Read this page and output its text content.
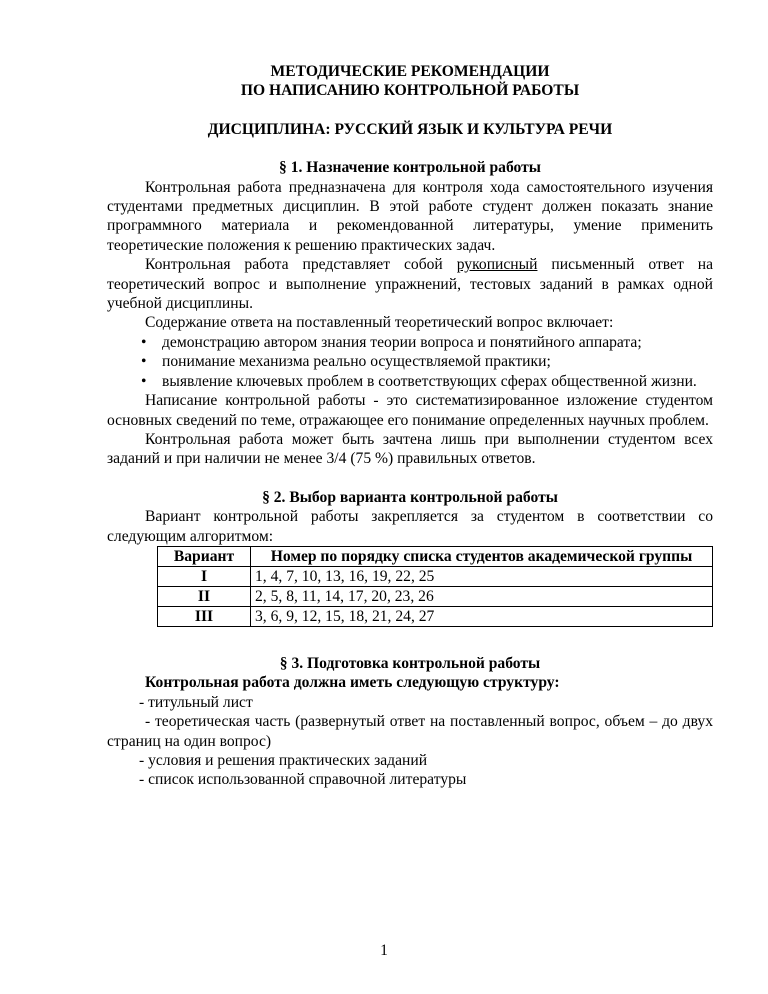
МЕТОДИЧЕСКИЕ РЕКОМЕНДАЦИИ
ПО НАПИСАНИЮ КОНТРОЛЬНОЙ РАБОТЫ
ДИСЦИПЛИНА: РУССКИЙ ЯЗЫК И КУЛЬТУРА РЕЧИ
§ 1. Назначение контрольной работы

Контрольная работа предназначена для контроля хода самостоятельного изучения студентами предметных дисциплин. В этой работе студент должен показать знание программного материала и рекомендованной литературы, умение применить теоретические положения к решению практических задач.

Контрольная работа представляет собой рукописный письменный ответ на теоретический вопрос и выполнение упражнений, тестовых заданий в рамках одной учебной дисциплины.

Содержание ответа на поставленный теоретический вопрос включает:

• демонстрацию автором знания теории вопроса и понятийного аппарата;
• понимание механизма реально осуществляемой практики;
• выявление ключевых проблем в соответствующих сферах общественной жизни.

Написание контрольной работы - это систематизированное изложение студентом основных сведений по теме, отражающее его понимание определенных научных проблем.

Контрольная работа может быть зачтена лишь при выполнении студентом всех заданий и при наличии не менее 3/4 (75 %) правильных ответов.

§ 2. Выбор варианта контрольной работы

Вариант контрольной работы закрепляется за студентом в соответствии со следующим алгоритмом:

Вариант	Номер по порядку списка студентов академической группы
I	1, 4, 7, 10, 13, 16, 19, 22, 25
II	2, 5, 8, 11, 14, 17, 20, 23, 26
III	3, 6, 9, 12, 15, 18, 21, 24, 27
§ 3. Подготовка контрольной работы

Контрольная работа должна иметь следующую структуру:

- титульный лист

- теоретическая часть (развернутый ответ на поставленный вопрос, объем – до двух страниц на один вопрос)

- условия и решения практических заданий

- список использованной справочной литературы

1
